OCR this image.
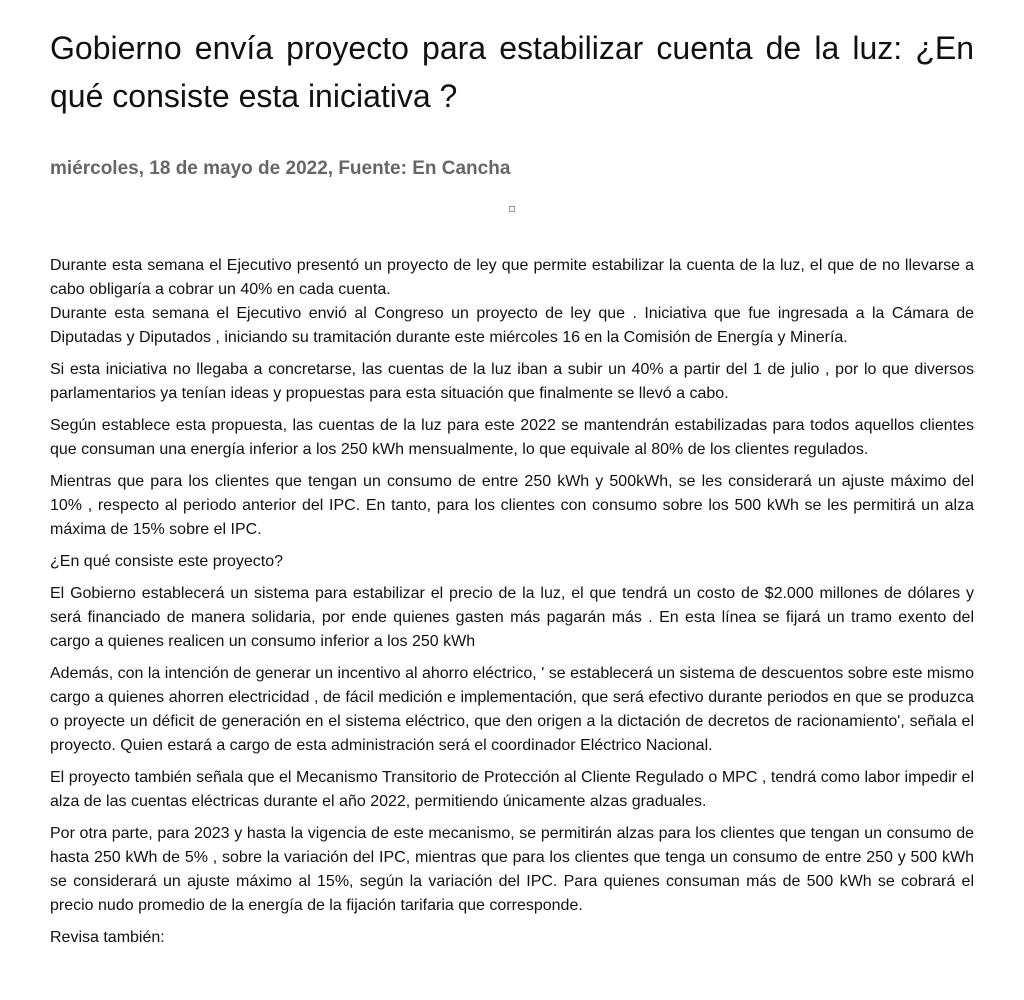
Gobierno envía proyecto para estabilizar cuenta de la luz: ¿En qué consiste esta iniciativa ?
miércoles, 18 de mayo de 2022, Fuente: En Cancha

Durante esta semana el Ejecutivo presentó un proyecto de ley que permite estabilizar la cuenta de la luz, el que de no llevarse a cabo obligaría a cobrar un 40% en cada cuenta.

Durante esta semana el Ejecutivo envió al Congreso un proyecto de ley que . Iniciativa que fue ingresada a la Cámara de Diputadas y Diputados , iniciando su tramitación durante este miércoles 16 en la Comisión de Energía y Minería.

Si esta iniciativa no llegaba a concretarse, las cuentas de la luz iban a subir un 40% a partir del 1 de julio , por lo que diversos parlamentarios ya tenían ideas y propuestas para esta situación que finalmente se llevó a cabo.

Según establece esta propuesta, las cuentas de la luz para este 2022 se mantendrán estabilizadas para todos aquellos clientes que consuman una energía inferior a los 250 kWh mensualmente, lo que equivale al 80% de los clientes regulados.

Mientras que para los clientes que tengan un consumo de entre 250 kWh y 500kWh, se les considerará un ajuste máximo del 10% , respecto al periodo anterior del IPC. En tanto, para los clientes con consumo sobre los 500 kWh se les permitirá un alza máxima de 15% sobre el IPC.

¿En qué consiste este proyecto?

El Gobierno establecerá un sistema para estabilizar el precio de la luz, el que tendrá un costo de $2.000 millones de dólares y será financiado de manera solidaria, por ende quienes gasten más pagarán más . En esta línea se fijará un tramo exento del cargo a quienes realicen un consumo inferior a los 250 kWh

Además, con la intención de generar un incentivo al ahorro eléctrico, ' se establecerá un sistema de descuentos sobre este mismo cargo a quienes ahorren electricidad , de fácil medición e implementación, que será efectivo durante periodos en que se produzca o proyecte un déficit de generación en el sistema eléctrico, que den origen a la dictación de decretos de racionamiento', señala el proyecto. Quien estará a cargo de esta administración será el coordinador Eléctrico Nacional.

El proyecto también señala que el Mecanismo Transitorio de Protección al Cliente Regulado o MPC , tendrá como labor impedir el alza de las cuentas eléctricas durante el año 2022, permitiendo únicamente alzas graduales.

Por otra parte, para 2023 y hasta la vigencia de este mecanismo, se permitirán alzas para los clientes que tengan un consumo de hasta 250 kWh de 5% , sobre la variación del IPC, mientras que para los clientes que tenga un consumo de entre 250 y 500 kWh se considerará un ajuste máximo al 15%, según la variación del IPC. Para quienes consuman más de 500 kWh se cobrará el precio nudo promedio de la energía de la fijación tarifaria que corresponde.

Revisa también:
